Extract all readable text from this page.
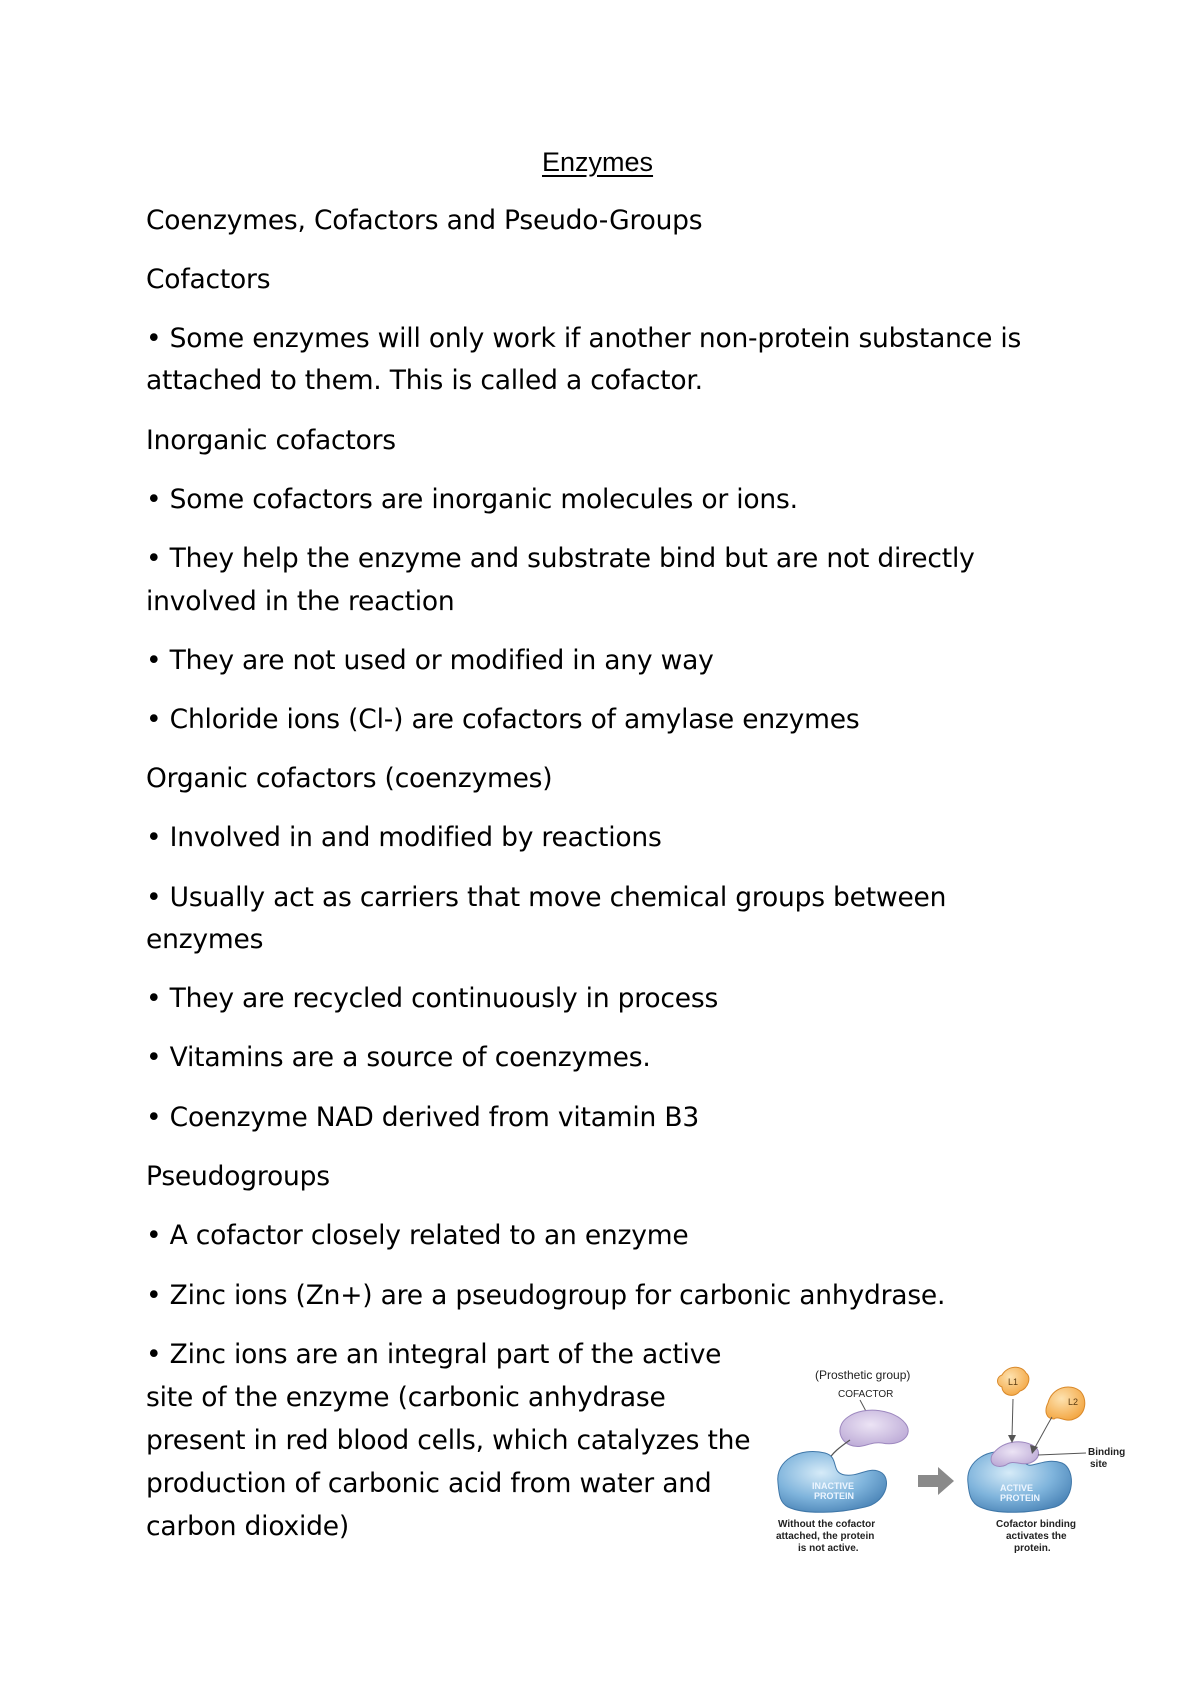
Enzymes
Coenzymes, Cofactors and Pseudo-Groups
Cofactors
• Some enzymes will only work if another non-protein substance is
attached to them. This is called a cofactor.
Inorganic cofactors
• Some cofactors are inorganic molecules or ions.
• They help the enzyme and substrate bind but are not directly
involved in the reaction
• They are not used or modified in any way
• Chloride ions (Cl-) are cofactors of amylase enzymes
Organic cofactors (coenzymes)
• Involved in and modified by reactions
• Usually act as carriers that move chemical groups between
enzymes
• They are recycled continuously in process
• Vitamins are a source of coenzymes.
• Coenzyme NAD derived from vitamin B3
Pseudogroups
• A cofactor closely related to an enzyme
• Zinc ions (Zn+) are a pseudogroup for carbonic anhydrase.
• Zinc ions are an integral part of the active
site of the enzyme (carbonic anhydrase
present in red blood cells, which catalyzes the
production of carbonic acid from water and
carbon dioxide)
(Prosthetic group)
COFACTOR
INACTIVE
PROTEIN
ACTIVE
PROTEIN
L1
L2
Binding
site
Without the cofactor
attached, the protein
is not active.
Cofactor binding
activates the
protein.
